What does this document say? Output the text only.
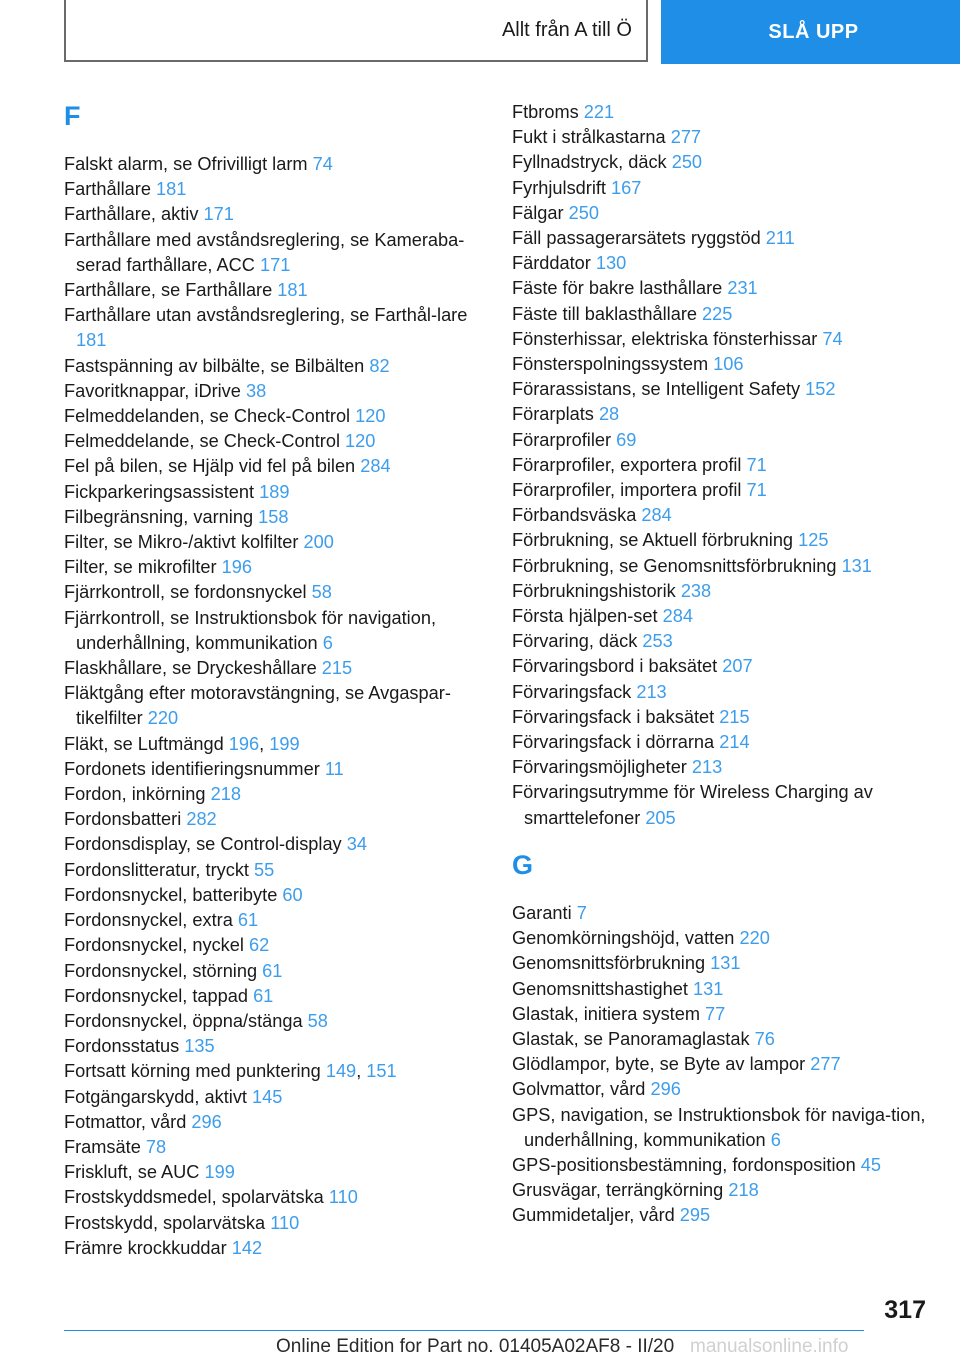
Allt från A till Ö	SLÅ UPP
F
Falskt alarm, se Ofrivilligt larm 74
Farthållare 181
Farthållare, aktiv 171
Farthållare med avståndsreglering, se Kameraba‐serad farthållare, ACC 171
Farthållare, se Farthållare 181
Farthållare utan avståndsreglering, se Farthål‐lare 181
Fastspänning av bilbälte, se Bilbälten 82
Favoritknappar, iDrive 38
Felmeddelanden, se Check-Control 120
Felmeddelande, se Check-Control 120
Fel på bilen, se Hjälp vid fel på bilen 284
Fickparkeringsassistent 189
Filbegränsning, varning 158
Filter, se Mikro-/aktivt kolfilter 200
Filter, se mikrofilter 196
Fjärrkontroll, se fordonsnyckel 58
Fjärrkontroll, se Instruktionsbok för navigation, underhållning, kommunikation 6
Flaskhållare, se Dryckeshållare 215
Fläktgång efter motoravstängning, se Avgaspar‐tikelfilter 220
Fläkt, se Luftmängd 196, 199
Fordonets identifieringsnummer 11
Fordon, inkörning 218
Fordonsbatteri 282
Fordonsdisplay, se Control-display 34
Fordonslitteratur, tryckt 55
Fordonsnyckel, batteribyte 60
Fordonsnyckel, extra 61
Fordonsnyckel, nyckel 62
Fordonsnyckel, störning 61
Fordonsnyckel, tappad 61
Fordonsnyckel, öppna/stänga 58
Fordonsstatus 135
Fortsatt körning med punktering 149, 151
Fotgängarskydd, aktivt 145
Fotmattor, vård 296
Framsäte 78
Friskluft, se AUC 199
Frostskyddsmedel, spolarvätska 110
Frostskydd, spolarvätska 110
Främre krockkuddar 142
Ftbroms 221
Fukt i strålkastarna 277
Fyllnadstryck, däck 250
Fyrhjulsdrift 167
Fälgar 250
Fäll passagerarsätets ryggstöd 211
Färddator 130
Fäste för bakre lasthållare 231
Fäste till baklasthållare 225
Fönsterhissar, elektriska fönsterhissar 74
Fönsterspolningssystem 106
Förarassistans, se Intelligent Safety 152
Förarplats 28
Förarprofiler 69
Förarprofiler, exportera profil 71
Förarprofiler, importera profil 71
Förbandsväska 284
Förbrukning, se Aktuell förbrukning 125
Förbrukning, se Genomsnittsförbrukning 131
Förbrukningshistorik 238
Första hjälpen-set 284
Förvaring, däck 253
Förvaringsbord i baksätet 207
Förvaringsfack 213
Förvaringsfack i baksätet 215
Förvaringsfack i dörrarna 214
Förvaringsmöjligheter 213
Förvaringsutrymme för Wireless Charging av smarttelefoner 205
G
Garanti 7
Genomkörningshöjd, vatten 220
Genomsnittsförbrukning 131
Genomsnittshastighet 131
Glastak, initiera system 77
Glastak, se Panoramaglastak 76
Glödlampor, byte, se Byte av lampor 277
Golvmattor, vård 296
GPS, navigation, se Instruktionsbok för naviga‐tion, underhållning, kommunikation 6
GPS-positionsbestämning, fordonsposition 45
Grusvägar, terrängkörning 218
Gummidetaljer, vård 295
317
Online Edition for Part no. 01405A02AF8 - II/20 manualsonline.info
